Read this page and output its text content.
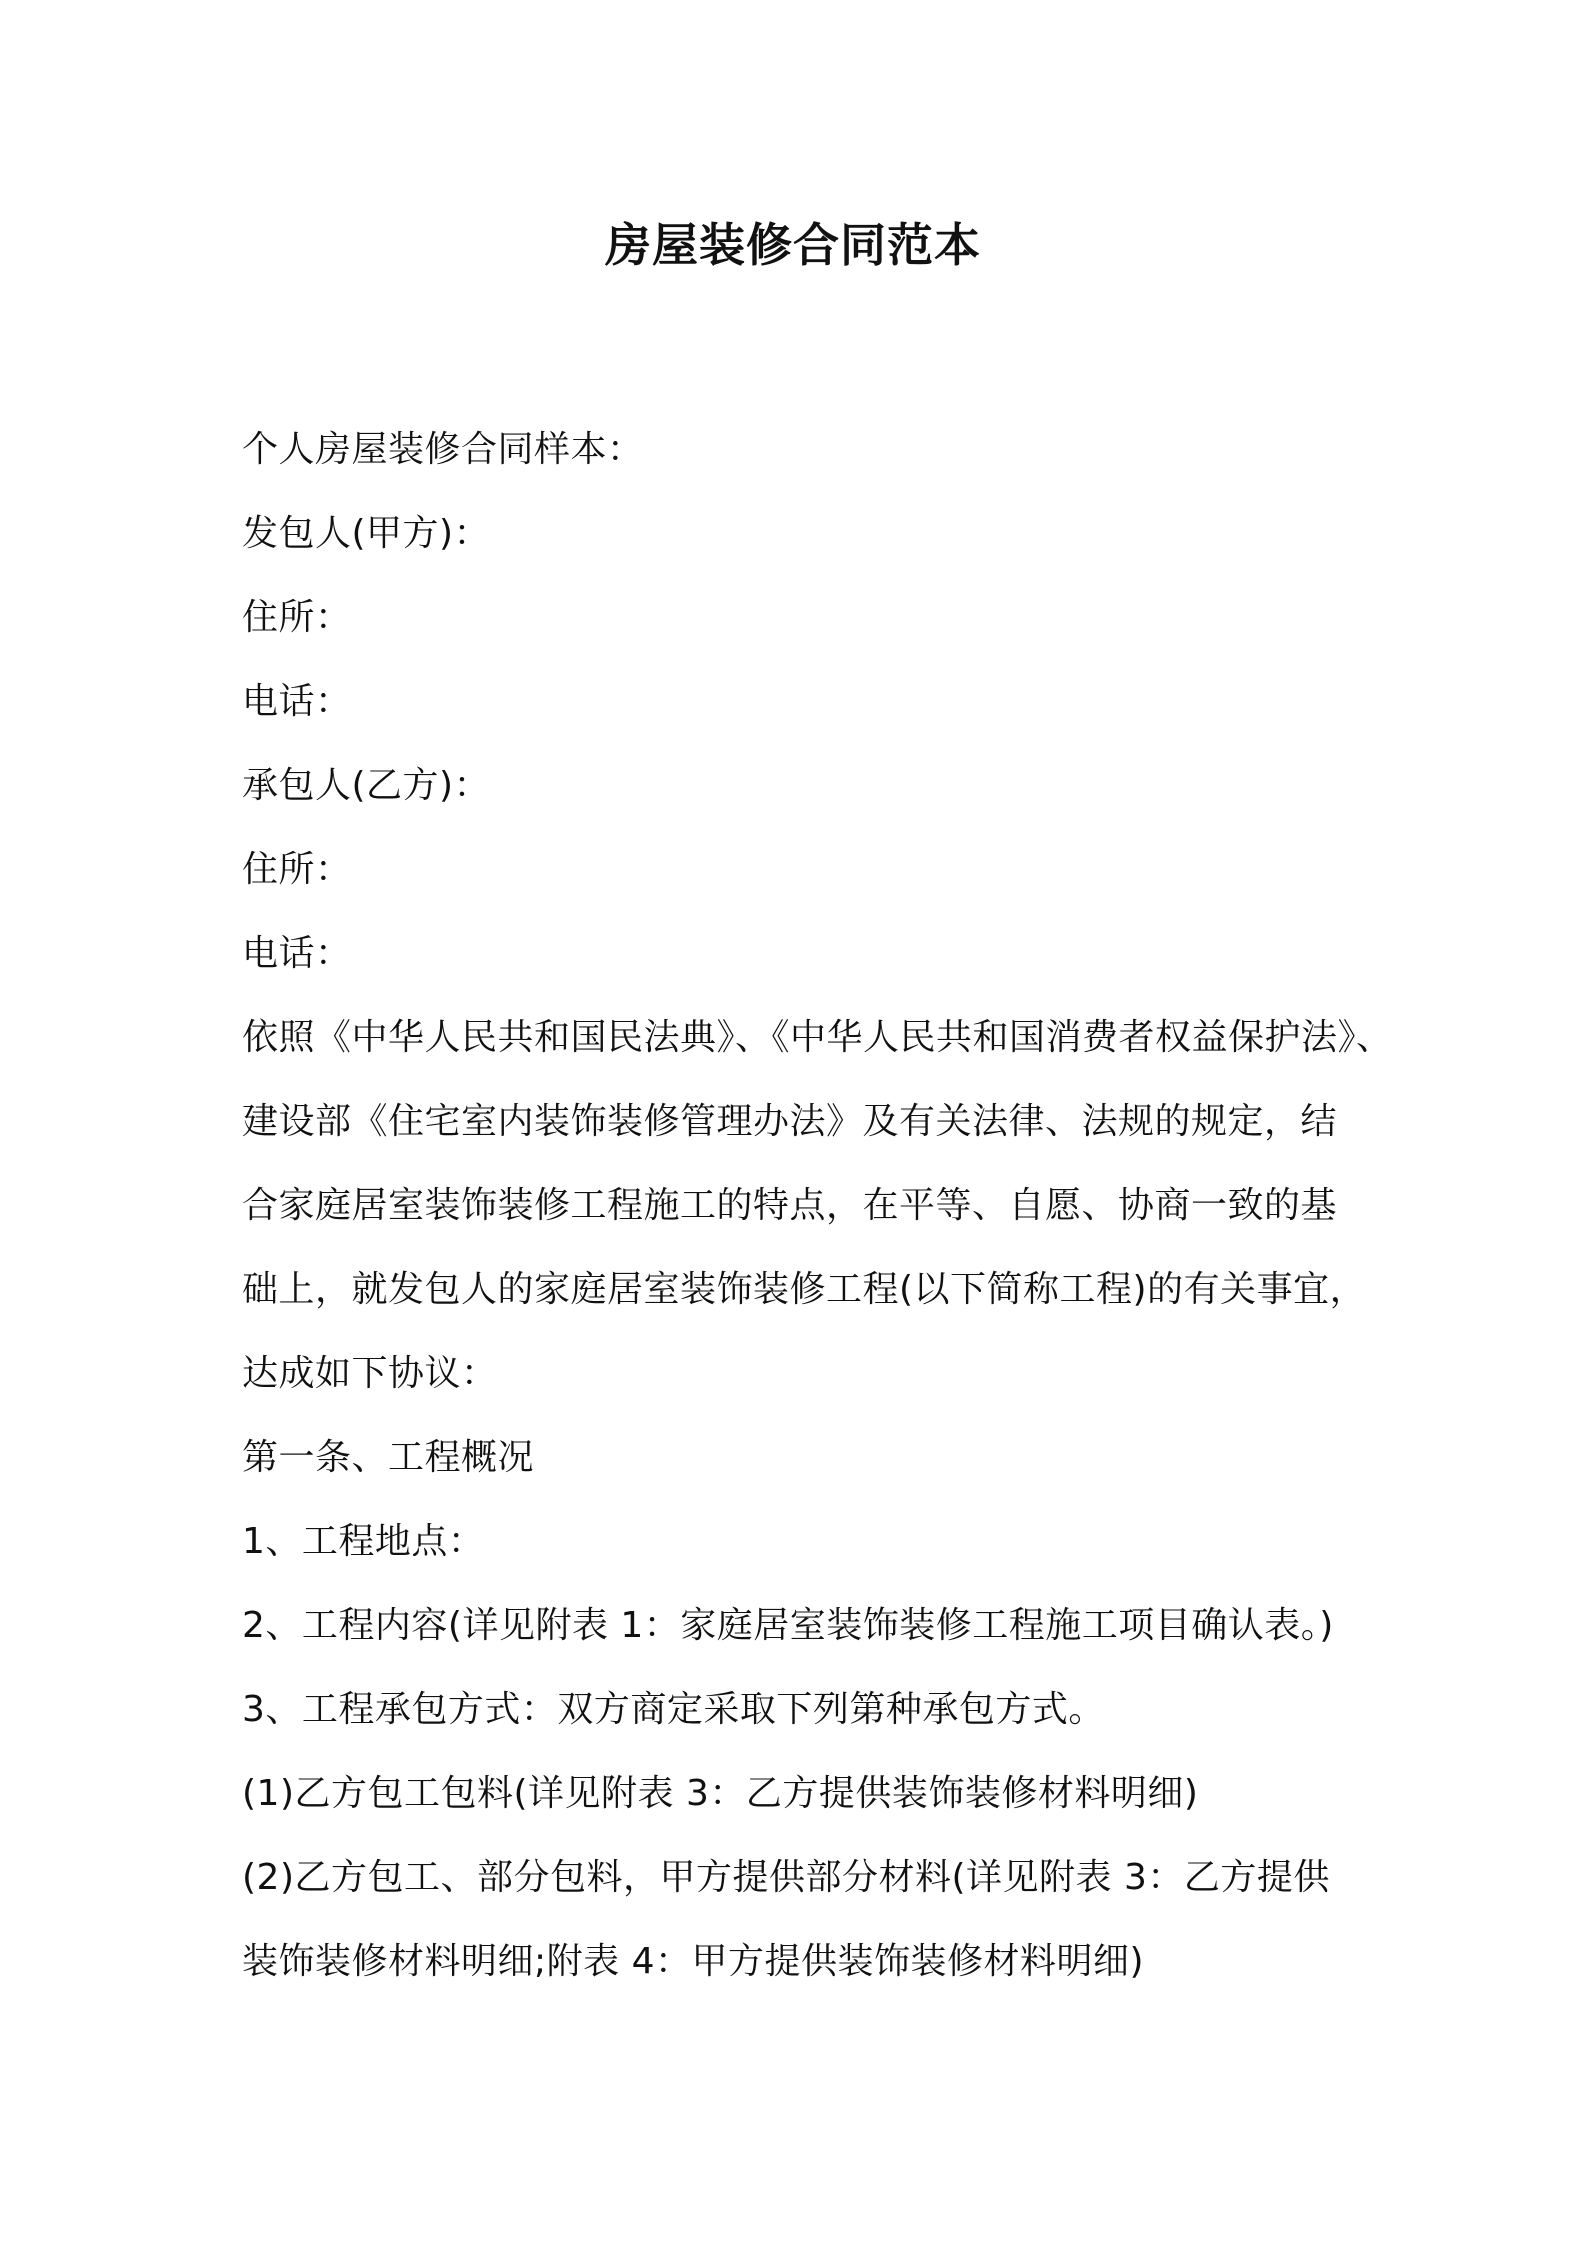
房屋装修合同范本
个人房屋装修合同样本：
发包人(甲方)：
住所：
电话：
承包人(乙方)：
住所：
电话：
依照《中华人民共和国民法典》、《中华人民共和国消费者权益保护法》、
建设部《住宅室内装饰装修管理办法》及有关法律、法规的规定，结
合家庭居室装饰装修工程施工的特点，在平等、自愿、协商一致的基
础上，就发包人的家庭居室装饰装修工程(以下简称工程)的有关事宜，
达成如下协议：
第一条、工程概况
1、工程地点：
2、工程内容(详见附表 1：家庭居室装饰装修工程施工项目确认表。)
3、工程承包方式：双方商定采取下列第种承包方式。
(1)乙方包工包料(详见附表 3：乙方提供装饰装修材料明细)
(2)乙方包工、部分包料，甲方提供部分材料(详见附表 3：乙方提供
装饰装修材料明细;附表 4：甲方提供装饰装修材料明细)
